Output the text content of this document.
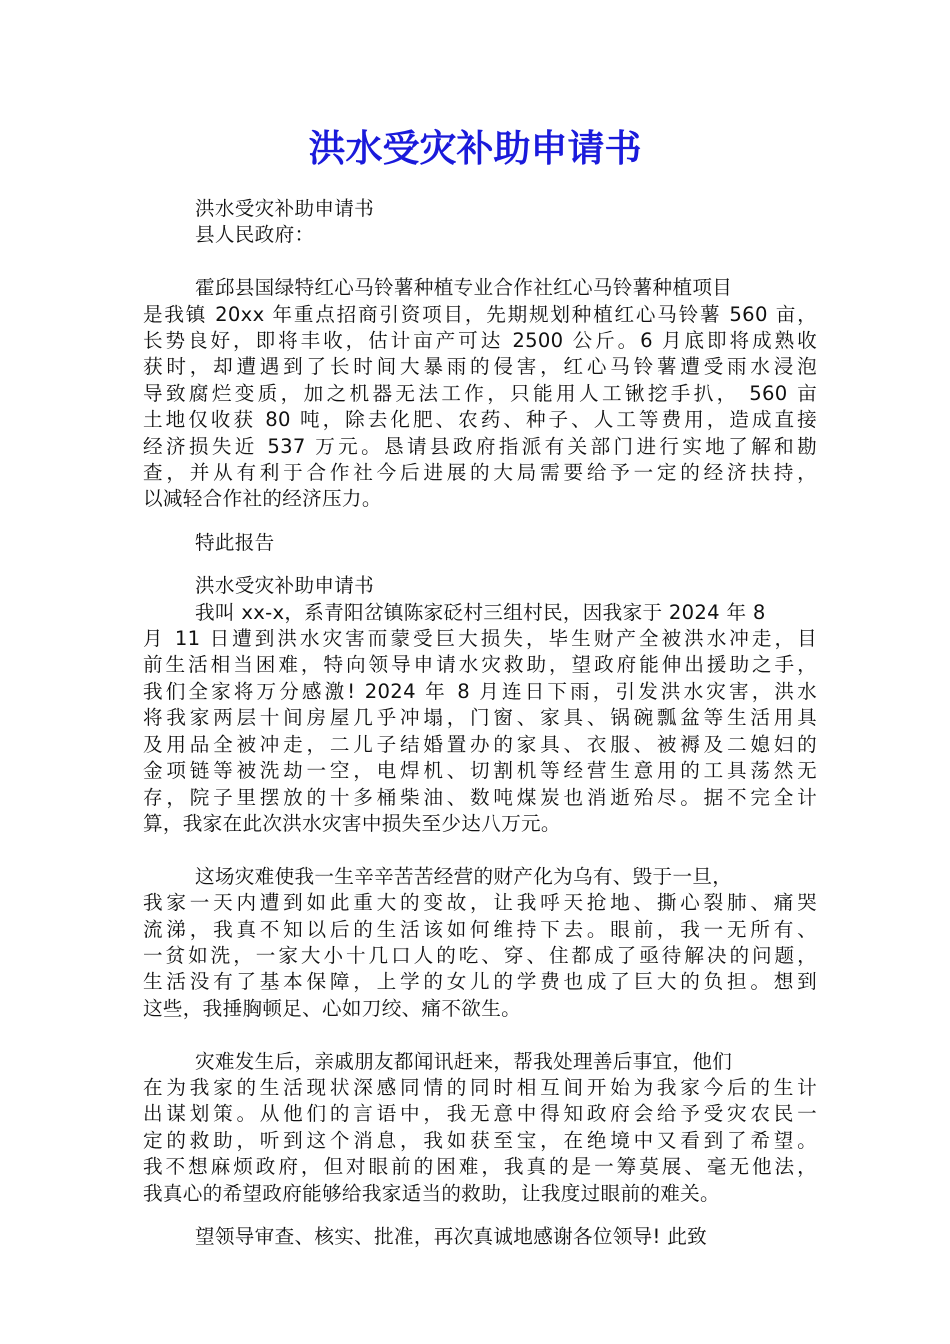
洪水受灾补助申请书
洪水受灾补助申请书
县人民政府：
霍邱县国绿特红心马铃薯种植专业合作社红心马铃薯种植项目
是我镇 20xx 年重点招商引资项目，先期规划种植红心马铃薯 560 亩，
长势良好，即将丰收，估计亩产可达 2500 公斤。6 月底即将成熟收
获时，却遭遇到了长时间大暴雨的侵害，红心马铃薯遭受雨水浸泡
导致腐烂变质，加之机器无法工作，只能用人工锹挖手扒， 560 亩
土地仅收获 80 吨，除去化肥、农药、种子、人工等费用，造成直接
经济损失近 537 万元。恳请县政府指派有关部门进行实地了解和勘
查，并从有利于合作社今后进展的大局需要给予一定的经济扶持，
以减轻合作社的经济压力。
特此报告
洪水受灾补助申请书
我叫 xx-x，系青阳岔镇陈家砭村三组村民，因我家于 2024 年 8
月 11 日遭到洪水灾害而蒙受巨大损失，毕生财产全被洪水冲走，目
前生活相当困难，特向领导申请水灾救助，望政府能伸出援助之手，
我们全家将万分感激! 2024 年 8 月连日下雨，引发洪水灾害，洪水
将我家两层十间房屋几乎冲塌，门窗、家具、锅碗瓢盆等生活用具
及用品全被冲走，二儿子结婚置办的家具、衣服、被褥及二媳妇的
金项链等被洗劫一空，电焊机、切割机等经营生意用的工具荡然无
存，院子里摆放的十多桶柴油、数吨煤炭也消逝殆尽。据不完全计
算，我家在此次洪水灾害中损失至少达八万元。
这场灾难使我一生辛辛苦苦经营的财产化为乌有、毁于一旦，
我家一天内遭到如此重大的变故，让我呼天抢地、撕心裂肺、痛哭
流涕，我真不知以后的生活该如何维持下去。眼前，我一无所有、
一贫如洗，一家大小十几口人的吃、穿、住都成了亟待解决的问题，
生活没有了基本保障，上学的女儿的学费也成了巨大的负担。想到
这些，我捶胸顿足、心如刀绞、痛不欲生。
灾难发生后，亲戚朋友都闻讯赶来，帮我处理善后事宜，他们
在为我家的生活现状深感同情的同时相互间开始为我家今后的生计
出谋划策。从他们的言语中，我无意中得知政府会给予受灾农民一
定的救助，听到这个消息，我如获至宝，在绝境中又看到了希望。
我不想麻烦政府，但对眼前的困难，我真的是一筹莫展、毫无他法，
我真心的希望政府能够给我家适当的救助，让我度过眼前的难关。
望领导审查、核实、批准，再次真诚地感谢各位领导! 此致
